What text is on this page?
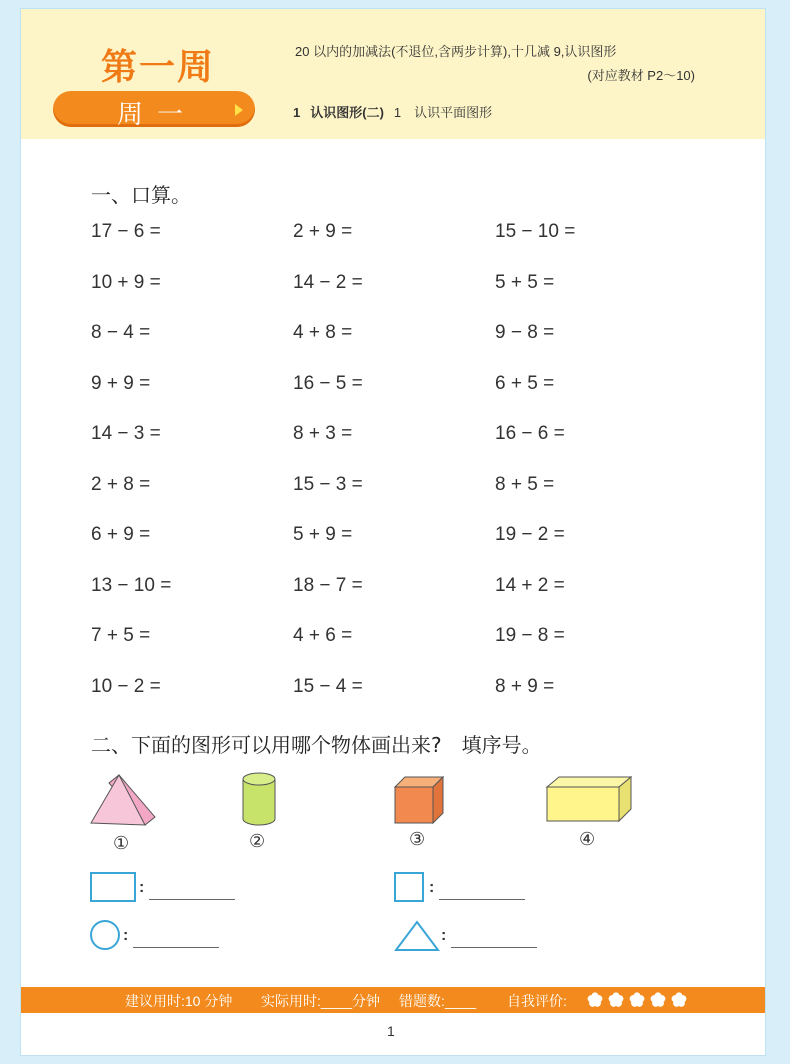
第一周
周一
20 以内的加减法(不退位,含两步计算),十几减 9,认识图形
(对应教材 P2～10)
1 认识图形(二) 1　认识平面图形
一、口算。
17 − 6 =	2 + 9 =	15 − 10 =
10 + 9 =	14 − 2 =	5 + 5 =
8 − 4 =	4 + 8 =	9 − 8 =
9 + 9 =	16 − 5 =	6 + 5 =
14 − 3 =	8 + 3 =	16 − 6 =
2 + 8 =	15 − 3 =	8 + 5 =
6 + 9 =	5 + 9 =	19 − 2 =
13 − 10 =	18 − 7 =	14 + 2 =
7 + 5 =	4 + 6 =	19 − 8 =
10 − 2 =	15 − 4 =	8 + 9 =
二、下面的图形可以用哪个物体画出来?　填序号。
①	②	③	④
:	:
:	:
建议用时:10 分钟 实际用时:____分钟 错题数:____ 自我评价:
1
